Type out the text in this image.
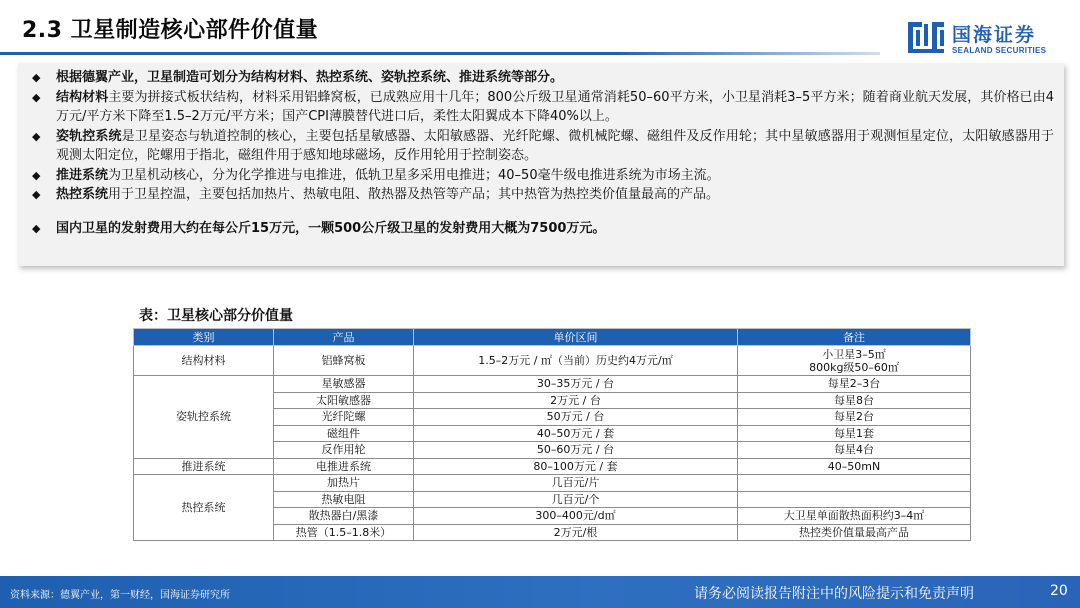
2.3 卫星制造核心部件价值量	国海证券
SEALAND SECURITIES
◆ 根据德翼产业，卫星制造可划分为结构材料、热控系统、姿轨控系统、推进系统等部分。
◆ 结构材料主要为拼接式板状结构，材料采用铝蜂窝板，已成熟应用十几年；800公斤级卫星通常消耗50–60平方米，小卫星消耗3–5平方米；随着商业航天发展，其价格已由4万元/平方米下降至1.5–2万元/平方米；国产CPI薄膜替代进口后，柔性太阳翼成本下降40%以上。
◆ 姿轨控系统是卫星姿态与轨道控制的核心，主要包括星敏感器、太阳敏感器、光纤陀螺、微机械陀螺、磁组件及反作用轮；其中星敏感器用于观测恒星定位，太阳敏感器用于观测太阳定位，陀螺用于指北，磁组件用于感知地球磁场，反作用轮用于控制姿态。
◆ 推进系统为卫星机动核心，分为化学推进与电推进，低轨卫星多采用电推进；40–50毫牛级电推进系统为市场主流。
◆ 热控系统用于卫星控温，主要包括加热片、热敏电阻、散热器及热管等产品；其中热管为热控类价值量最高的产品。
◆ 国内卫星的发射费用大约在每公斤15万元，一颗500公斤级卫星的发射费用大概为7500万元。
表：卫星核心部分价值量
类别	产品	单价区间	备注
结构材料	铝蜂窝板	1.5–2万元 / ㎡（当前）历史约4万元/㎡	小卫星3–5㎡
800kg级50–60㎡

姿轨控系统	星敏感器	30–35万元 / 台	每星2–3台
	太阳敏感器	2万元 / 台	每星8台
	光纤陀螺	50万元 / 台	每星2台
	磁组件	40–50万元 / 套	每星1套
	反作用轮	50–60万元 / 台	每星4台
推进系统	电推进系统	80–100万元 / 套	40–50mN
热控系统	加热片	几百元/片	
	热敏电阻	几百元/个	
	散热器白/黑漆	300–400元/d㎡	大卫星单面散热面积约3–4㎡
	热管（1.5–1.8米）	2万元/根	热控类价值量最高产品
资料来源：德翼产业，第一财经，国海证券研究所	请务必阅读报告附注中的风险提示和免责声明	20
